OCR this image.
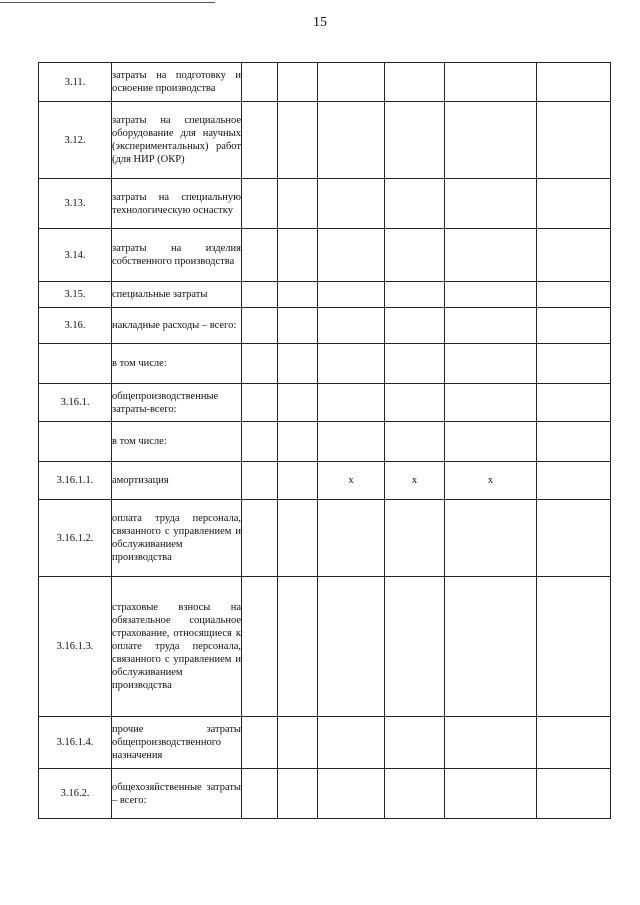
15
3.11.	затраты на подготовку и освоение производства						
3.12.	затраты на специальное оборудование для научных (экспериментальных) работ (для НИР (ОКР)						
3.13.	затраты на специальную технологическую оснастку						
3.14.	затраты на изделия собственного производства						
3.15.	специальные затраты						
3.16.	накладные расходы – всего:						
	в том числе:						
3.16.1.	общепроизводственные затраты-всего:						
	в том числе:						
3.16.1.1.	амортизация			x	x	x	
3.16.1.2.	оплата труда персонала, связанного с управлением и обслуживанием производства						
3.16.1.3.	страховые взносы на обязательное социальное страхование, относящиеся к оплате труда персонала, связанного с управлением и обслуживанием производства						
3.16.1.4.	прочие затраты общепроизводственного назначения						
3.16.2.	общехозяйственные затраты – всего:						
